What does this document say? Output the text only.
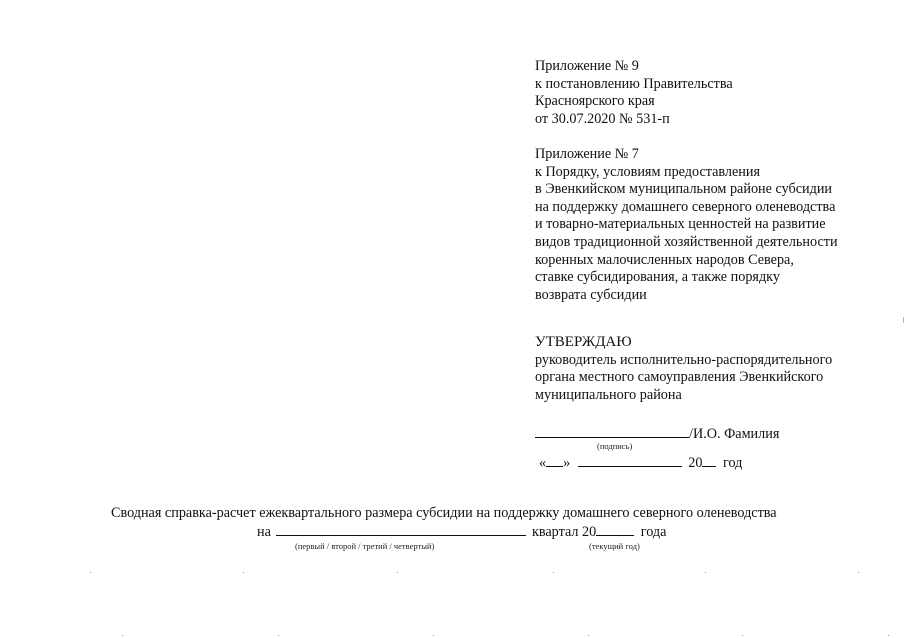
Приложение № 9
к постановлению Правительства
Красноярского края
от 30.07.2020 № 531-п
Приложение № 7
к Порядку, условиям предоставления
в Эвенкийском муниципальном районе субсидии
на поддержку домашнего северного оленеводства
и товарно-материальных ценностей на развитие
видов традиционной хозяйственной деятельности
коренных малочисленных народов Севера,
ставке субсидирования, а также порядку
возврата субсидии
УТВЕРЖДАЮ
руководитель исполнительно-распорядительного
органа местного самоуправления Эвенкийского
муниципального района
/И.О. Фамилия
(подпись)
« »	20 год
Сводная справка-расчет ежеквартального размера субсидии на поддержку домашнего северного оленеводства
на	квартал 20	года
(первый / второй / третий / четвертый)	(текущий год)
